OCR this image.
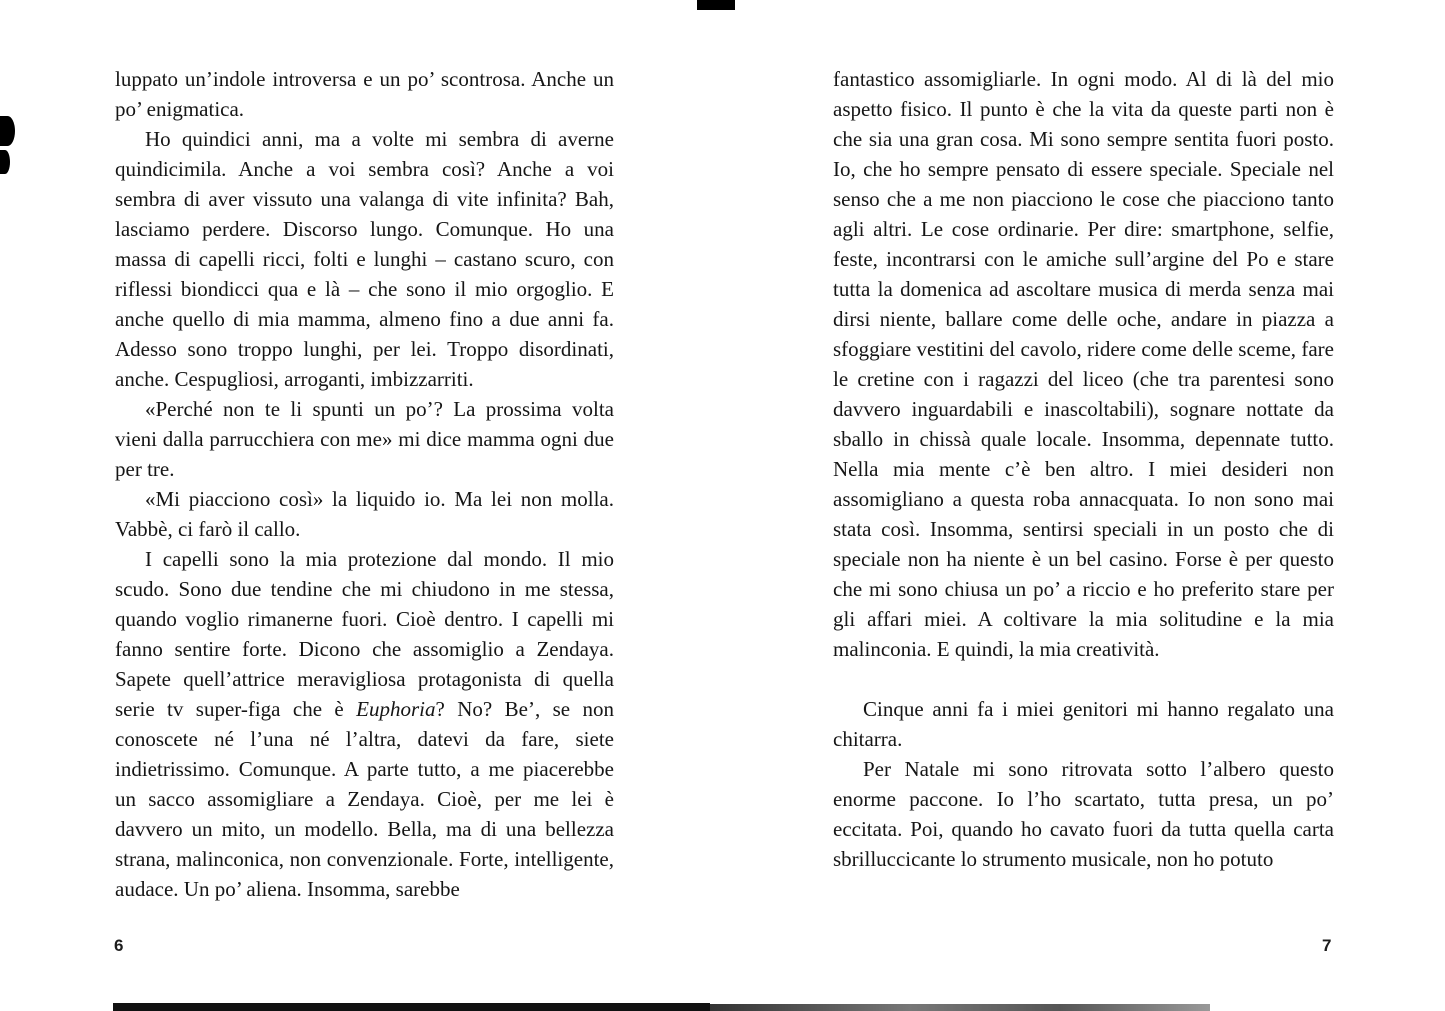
luppato un’indole introversa e un po’ scontrosa. Anche un po’ enigmatica.

Ho quindici anni, ma a volte mi sembra di averne quindicimila. Anche a voi sembra così? Anche a voi sembra di aver vissuto una valanga di vite infinita? Bah, lasciamo perdere. Discorso lungo. Comunque. Ho una massa di capelli ricci, folti e lunghi – castano scuro, con riflessi biondicci qua e là – che sono il mio orgoglio. E anche quello di mia mamma, almeno fino a due anni fa. Adesso sono troppo lunghi, per lei. Troppo disordinati, anche. Cespugliosi, arroganti, imbizzarriti.

«Perché non te li spunti un po’? La prossima volta vieni dalla parrucchiera con me» mi dice mamma ogni due per tre.

«Mi piacciono così» la liquido io. Ma lei non molla. Vabbè, ci farò il callo.

I capelli sono la mia protezione dal mondo. Il mio scudo. Sono due tendine che mi chiudono in me stessa, quando voglio rimanerne fuori. Cioè dentro. I capelli mi fanno sentire forte. Dicono che assomiglio a Zendaya. Sapete quell’attrice meravigliosa protagonista di quella serie tv super-figa che è Euphoria? No? Be’, se non conoscete né l’una né l’altra, datevi da fare, siete indietrissimo. Comunque. A parte tutto, a me piacerebbe un sacco assomigliare a Zendaya. Cioè, per me lei è davvero un mito, un modello. Bella, ma di una bellezza strana, malinconica, non convenzionale. Forte, intelligente, audace. Un po’ aliena. Insomma, sarebbe

fantastico assomigliarle. In ogni modo. Al di là del mio aspetto fisico. Il punto è che la vita da queste parti non è che sia una gran cosa. Mi sono sempre sentita fuori posto. Io, che ho sempre pensato di essere speciale. Speciale nel senso che a me non piacciono le cose che piacciono tanto agli altri. Le cose ordinarie. Per dire: smartphone, selfie, feste, incontrarsi con le amiche sull’argine del Po e stare tutta la domenica ad ascoltare musica di merda senza mai dirsi niente, ballare come delle oche, andare in piazza a sfoggiare vestitini del cavolo, ridere come delle sceme, fare le cretine con i ragazzi del liceo (che tra parentesi sono davvero inguardabili e inascoltabili), sognare nottate da sballo in chissà quale locale. Insomma, depennate tutto. Nella mia mente c’è ben altro. I miei desideri non assomigliano a questa roba annacquata. Io non sono mai stata così. Insomma, sentirsi speciali in un posto che di speciale non ha niente è un bel casino. Forse è per questo che mi sono chiusa un po’ a riccio e ho preferito stare per gli affari miei. A coltivare la mia solitudine e la mia malinconia. E quindi, la mia creatività.

Cinque anni fa i miei genitori mi hanno regalato una chitarra.

Per Natale mi sono ritrovata sotto l’albero questo enorme paccone. Io l’ho scartato, tutta presa, un po’ eccitata. Poi, quando ho cavato fuori da tutta quella carta sbrilluccicante lo strumento musicale, non ho potuto

6	7
